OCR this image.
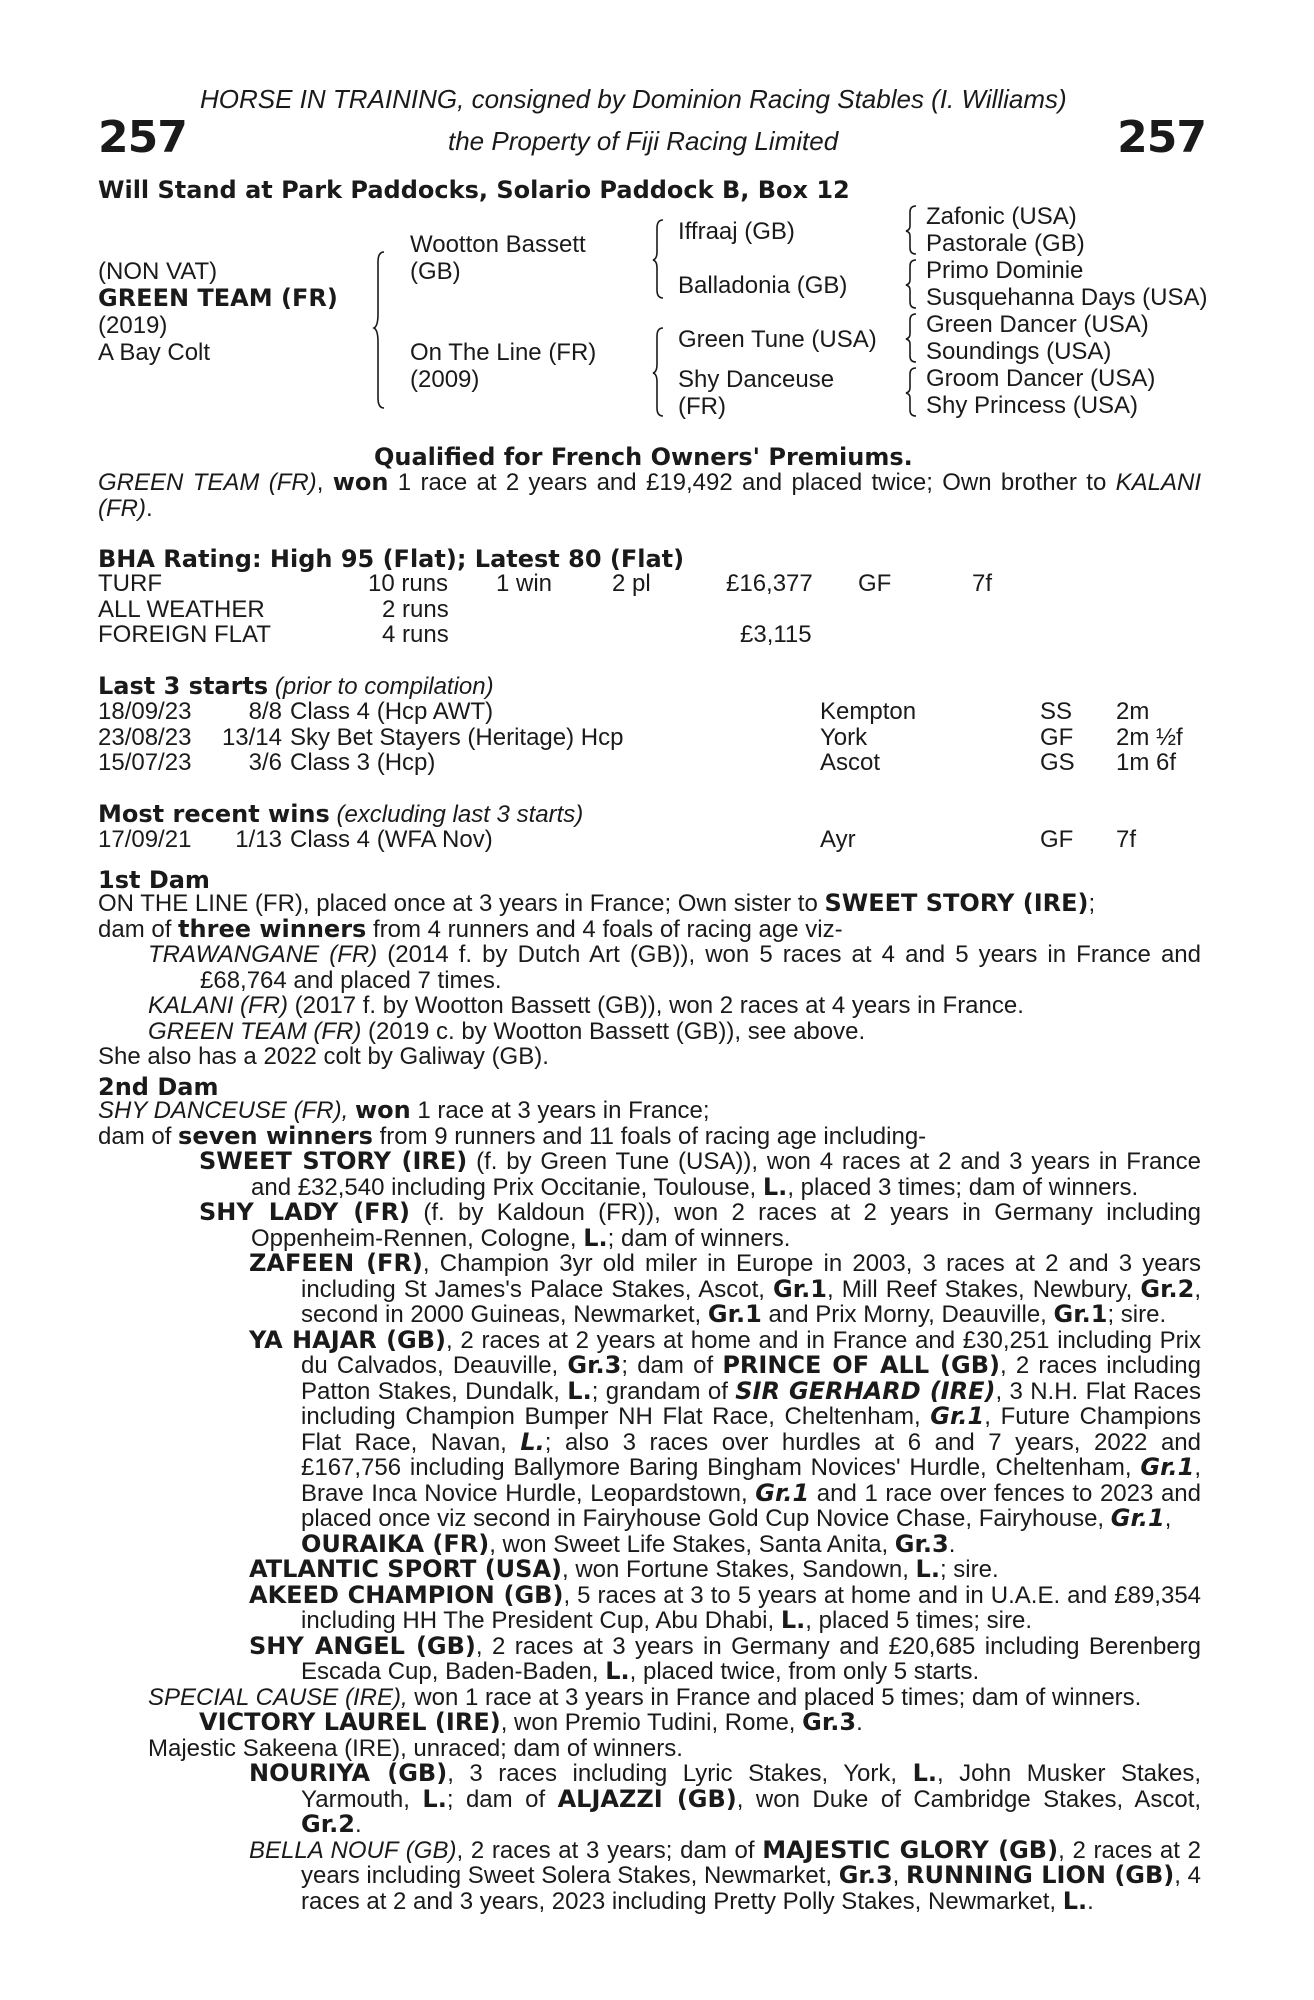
257	257
HORSE IN TRAINING, consigned by Dominion Racing Stables (I. Williams)
the Property of Fiji Racing Limited
Will Stand at Park Paddocks, Solario Paddock B, Box 12
(NON VAT)
GREEN TEAM (FR)
(2019)
A Bay Colt
Wootton Bassett
(GB)
On The Line (FR)
(2009)
Iffraaj (GB)
Balladonia (GB)
Green Tune (USA)
Shy Danceuse
(FR)
Zafonic (USA)
Pastorale (GB)
Primo Dominie
Susquehanna Days (USA)
Green Dancer (USA)
Soundings (USA)
Groom Dancer (USA)
Shy Princess (USA)
Qualified for French Owners' Premiums.

GREEN TEAM (FR), won 1 race at 2 years and £19,492 and placed twice; Own brother to KALANI (FR).

BHA Rating: High 95 (Flat); Latest 80 (Flat)
TURF	10 runs 1 win 2 pl	£16,377 GF	7f
ALL WEATHER	2 runs
FOREIGN FLAT	4 runs	£3,115
Last 3 starts (prior to compilation)
18/09/23	8/8 Class 4 (Hcp AWT)	Kempton	SS 2m
23/08/23	13/14 Sky Bet Stayers (Heritage) Hcp	York	GF 2m ½f
15/07/23	3/6 Class 3 (Hcp)	Ascot	GS 1m 6f
Most recent wins (excluding last 3 starts)
17/09/21	1/13 Class 4 (WFA Nov)	Ayr	GF 7f
1st Dam

ON THE LINE (FR), placed once at 3 years in France; Own sister to SWEET STORY (IRE);

dam of three winners from 4 runners and 4 foals of racing age viz-

TRAWANGANE (FR) (2014 f. by Dutch Art (GB)), won 5 races at 4 and 5 years in France and £68,764 and placed 7 times.

KALANI (FR) (2017 f. by Wootton Bassett (GB)), won 2 races at 4 years in France.

GREEN TEAM (FR) (2019 c. by Wootton Bassett (GB)), see above.

She also has a 2022 colt by Galiway (GB).

2nd Dam

SHY DANCEUSE (FR), won 1 race at 3 years in France;

dam of seven winners from 9 runners and 11 foals of racing age including-

SWEET STORY (IRE) (f. by Green Tune (USA)), won 4 races at 2 and 3 years in France and £32,540 including Prix Occitanie, Toulouse, L., placed 3 times; dam of winners.

SHY LADY (FR) (f. by Kaldoun (FR)), won 2 races at 2 years in Germany including Oppenheim-Rennen, Cologne, L.; dam of winners.

ZAFEEN (FR), Champion 3yr old miler in Europe in 2003, 3 races at 2 and 3 years including St James's Palace Stakes, Ascot, Gr.1, Mill Reef Stakes, Newbury, Gr.2, second in 2000 Guineas, Newmarket, Gr.1 and Prix Morny, Deauville, Gr.1; sire.

YA HAJAR (GB), 2 races at 2 years at home and in France and £30,251 including Prix du Calvados, Deauville, Gr.3; dam of PRINCE OF ALL (GB), 2 races including Patton Stakes, Dundalk, L.; grandam of SIR GERHARD (IRE), 3 N.H. Flat Races including Champion Bumper NH Flat Race, Cheltenham, Gr.1, Future Champions Flat Race, Navan, L.; also 3 races over hurdles at 6 and 7 years, 2022 and £167,756 including Ballymore Baring Bingham Novices' Hurdle, Cheltenham, Gr.1, Brave Inca Novice Hurdle, Leopardstown, Gr.1 and 1 race over fences to 2023 and placed once viz second in Fairyhouse Gold Cup Novice Chase, Fairyhouse, Gr.1,
OURAIKA (FR), won Sweet Life Stakes, Santa Anita, Gr.3.

ATLANTIC SPORT (USA), won Fortune Stakes, Sandown, L.; sire.

AKEED CHAMPION (GB), 5 races at 3 to 5 years at home and in U.A.E. and £89,354 including HH The President Cup, Abu Dhabi, L., placed 5 times; sire.

SHY ANGEL (GB), 2 races at 3 years in Germany and £20,685 including Berenberg Escada Cup, Baden-Baden, L., placed twice, from only 5 starts.

SPECIAL CAUSE (IRE), won 1 race at 3 years in France and placed 5 times; dam of winners.

VICTORY LAUREL (IRE), won Premio Tudini, Rome, Gr.3.

Majestic Sakeena (IRE), unraced; dam of winners.

NOURIYA (GB), 3 races including Lyric Stakes, York, L., John Musker Stakes, Yarmouth, L.; dam of ALJAZZI (GB), won Duke of Cambridge Stakes, Ascot, Gr.2.

BELLA NOUF (GB), 2 races at 3 years; dam of MAJESTIC GLORY (GB), 2 races at 2 years including Sweet Solera Stakes, Newmarket, Gr.3, RUNNING LION (GB), 4 races at 2 and 3 years, 2023 including Pretty Polly Stakes, Newmarket, L..
